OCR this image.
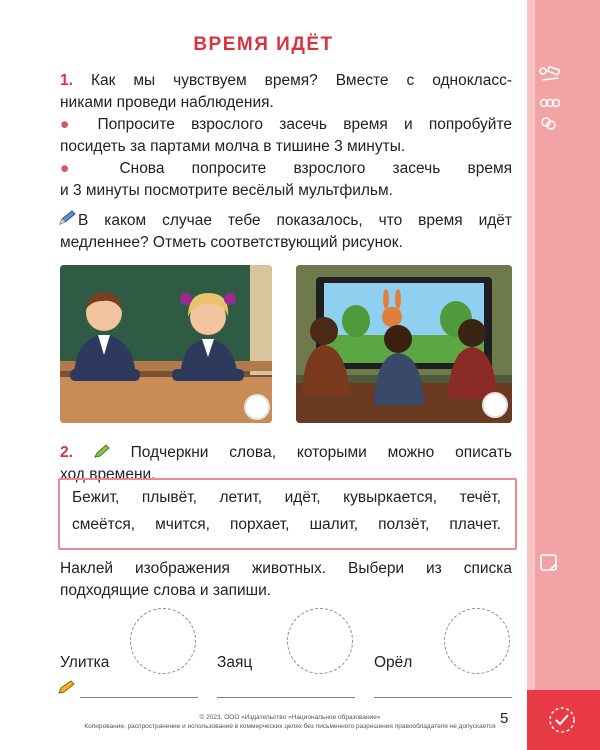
ВРЕМЯ ИДЁТ
1. Как мы чувствуем время? Вместе с однокласс-
никами проведи наблюдения.
● Попросите взрослого засечь время и попробуйте
посидеть за партами молча в тишине 3 минуты.
● Снова попросите взрослого засечь время
и 3 минуты посмотрите весёлый мультфильм.
В каком случае тебе показалось, что время идёт
медленнее? Отметь соответствующий рисунок.
2.	Подчеркни словa, которыми можно описать
ход времени.
Бежит, плывёт, летит, идёт, кувыркается, течёт,
смеётся, мчится, порхает, шалит, ползёт, плачет.
Наклей изображения животных. Выбери из списка
подходящие слова и запиши.
Улитка	Заяц	Орёл
© 2023, ООО «Издательство «Национальное образование»
Копирование, распространение и использование в коммерческих целях без письменного разрешения правообладателя не допускается 5
